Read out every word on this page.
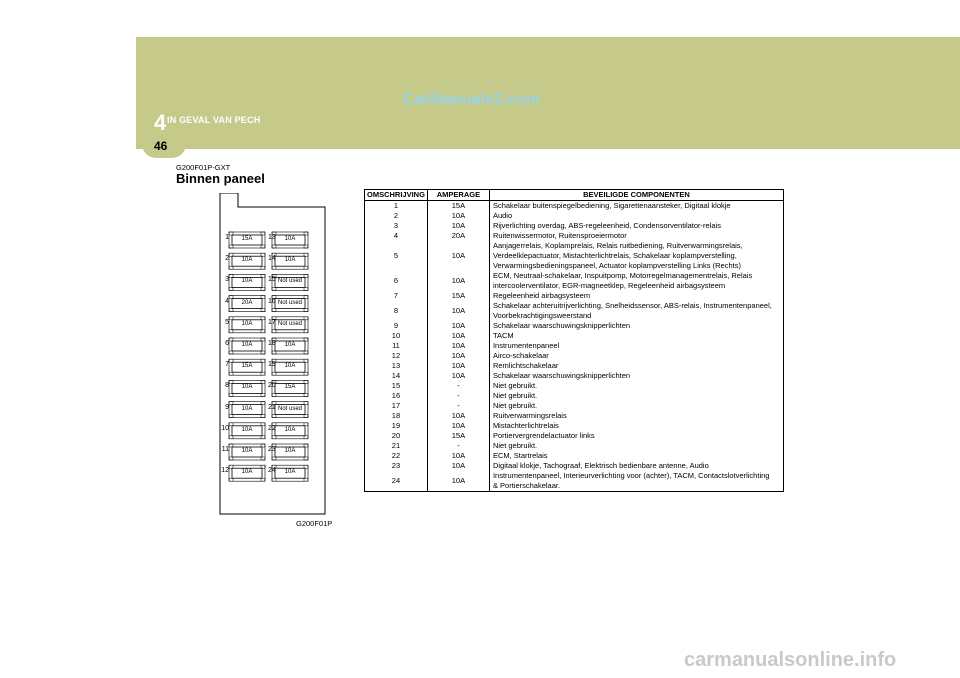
4 IN GEVAL VAN PECH
46
CarManuals2.com
G200F01P-GXT
Binnen paneel
15A
1
10A
2
10A
3
20A
4
10A
5
10A
6
15A
7
10A
8
10A
9
10A
10
10A
11
10A
12
10A
13
10A
14
Not used
15
Not used
16
Not used
17
10A
18
10A
19
15A
20
Not used
21
10A
22
10A
23
10A
24
G200F01P
OMSCHRIJVING	AMPERAGE	BEVEILIGDE COMPONENTEN
1	15A	Schakelaar buitenspiegelbediening, Sigarettenaansteker, Digitaal klokje

2	10A	Audio

3	10A	Rijverlichting overdag, ABS-regeleenheid, Condensorventilator-relais

4	20A	Ruitenwissermotor, Ruitensproeiermotor

5	10A	Aanjagerrelais, Koplamprelais, Relais ruitbediening, Ruitverwarmingsrelais,
Verdeelklepactuator, Mistachterlichtrelais, Schakelaar koplampverstelling,
Verwarmingsbedieningspaneel, Actuator koplampverstelling Links (Rechts)

6	10A	ECM, Neutraal-schakelaar, Inspuitpomp, Motorregelmanagementrelais, Relais
intercoolerventilator, EGR-magneetklep, Regeleenheid airbagsysteem

7	15A	Regeleenheid airbagsysteem

8	10A	Schakelaar achteruitrijverlichting, Snelheidssensor, ABS-relais, Instrumentenpaneel,
Voorbekrachtigingsweerstand

9	10A	Schakelaar waarschuwingsknipperlichten

10	10A	TACM

11	10A	Instrumentenpaneel

12	10A	Airco-schakelaar

13	10A	Remlichtschakelaar

14	10A	Schakelaar waarschuwingsknipperlichten

15	-	Niet gebruikt.

16	-	Niet gebruikt.

17	-	Niet gebruikt.

18	10A	Ruitverwarmingsrelais

19	10A	Mistachterlichtrelais

20	15A	Portiervergrendelactuator links

21	-	Niet gebruikt.

22	10A	ECM, Startrelais

23	10A	Digitaal klokje, Tachograaf, Elektrisch bedienbare antenne, Audio

24	10A	Instrumentenpaneel, Interieurverlichting voor (achter), TACM, Contactslotverlichting
& Portierschakelaar.
carmanualsonline.info
